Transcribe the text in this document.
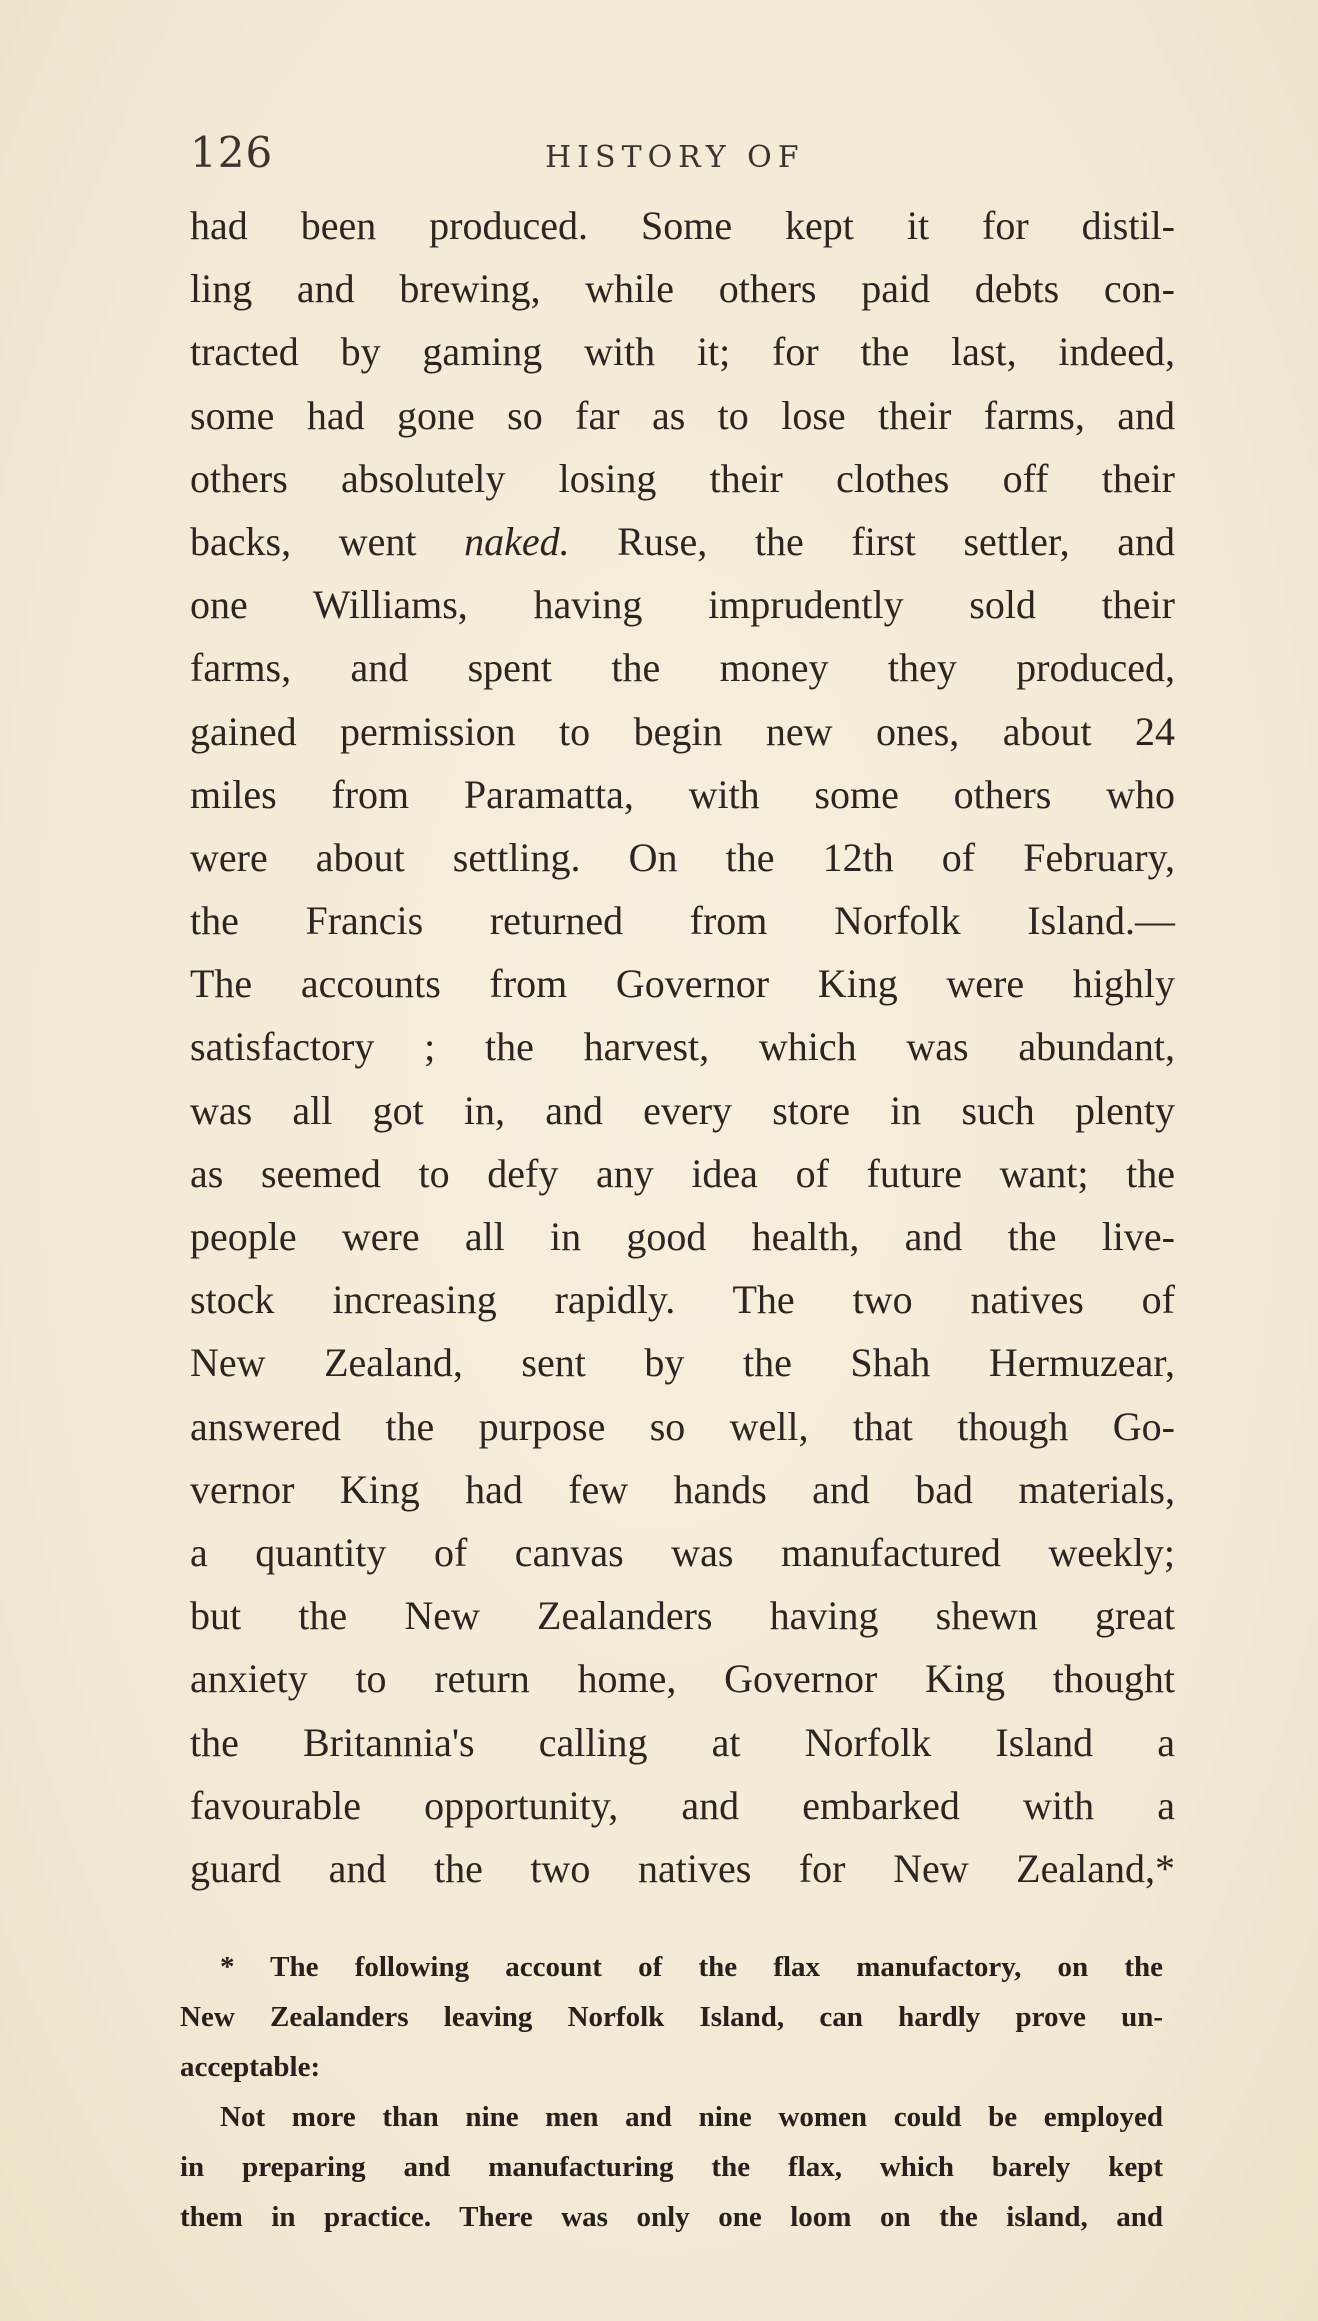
126	HISTORY OF
had been produced. Some kept it for distil-
ling and brewing, while others paid debts con-
tracted by gaming with it; for the last, indeed,
some had gone so far as to lose their farms, and
others absolutely losing their clothes off their
backs, went naked. Ruse, the first settler, and
one Williams, having imprudently sold their
farms, and spent the money they produced,
gained permission to begin new ones, about 24
miles from Paramatta, with some others who
were about settling. On the 12th of February,
the Francis returned from Norfolk Island.—
The accounts from Governor King were highly
satisfactory ; the harvest, which was abundant,
was all got in, and every store in such plenty
as seemed to defy any idea of future want; the
people were all in good health, and the live-
stock increasing rapidly. The two natives of
New Zealand, sent by the Shah Hermuzear,
answered the purpose so well, that though Go-
vernor King had few hands and bad materials,
a quantity of canvas was manufactured weekly;
but the New Zealanders having shewn great
anxiety to return home, Governor King thought
the Britannia's calling at Norfolk Island a
favourable opportunity, and embarked with a
guard and the two natives for New Zealand,*
* The following account of the flax manufactory, on the
New Zealanders leaving Norfolk Island, can hardly prove un-
acceptable:
Not more than nine men and nine women could be employed
in preparing and manufacturing the flax, which barely kept
them in practice. There was only one loom on the island, and
